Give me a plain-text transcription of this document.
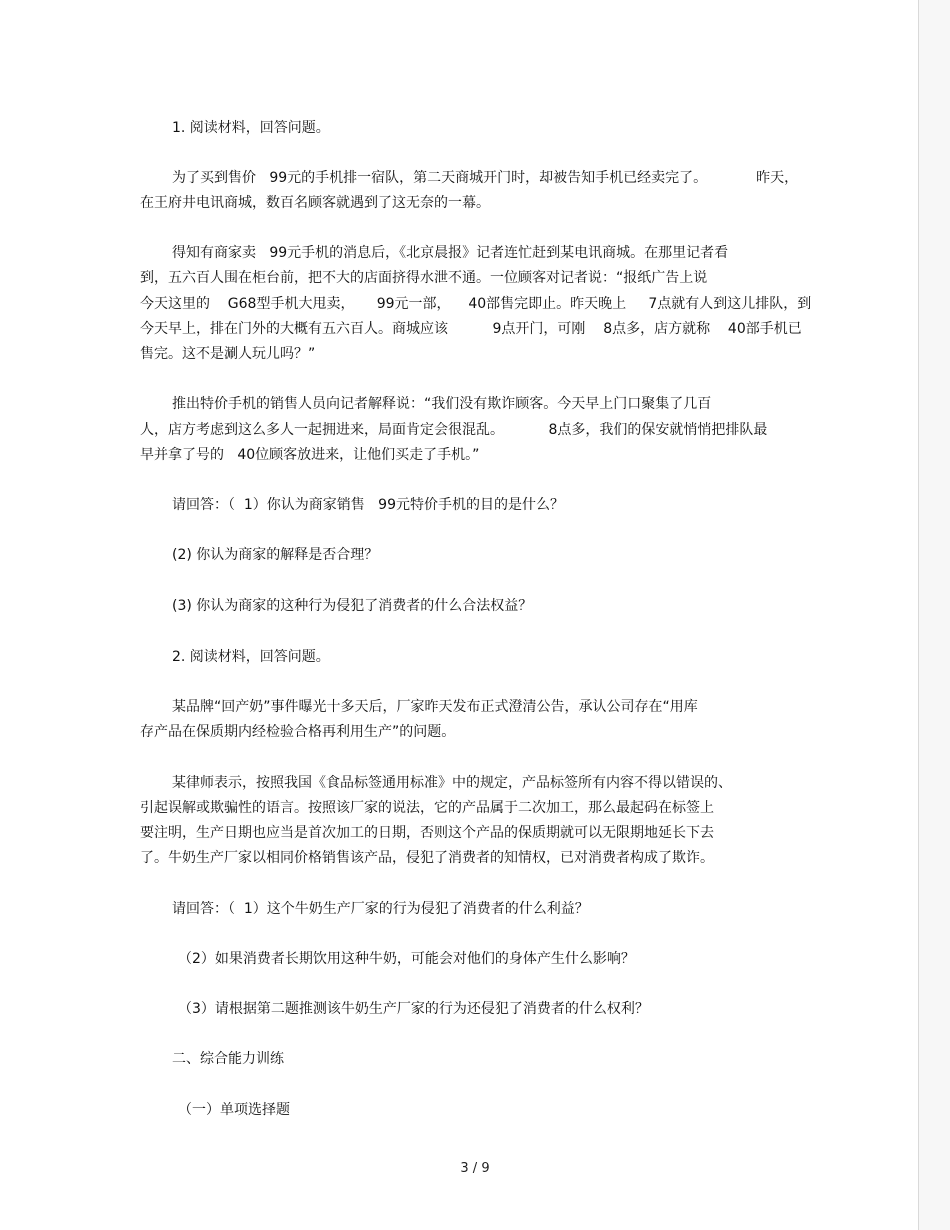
1. 阅读材料，回答问题。
为了买到售价   99元的手机排一宿队，第二天商城开门时，却被告知手机已经卖完了。           昨天，
在王府井电讯商城，数百名顾客就遇到了这无奈的一幕。
得知有商家卖   99元手机的消息后，《北京晨报》记者连忙赶到某电讯商城。在那里记者看
到，五六百人围在柜台前，把不大的店面挤得水泄不通。一位顾客对记者说：“报纸广告上说
今天这里的    G68型手机大甩卖，     99元一部，    40部售完即止。昨天晚上     7点就有人到这儿排队，到
今天早上，排在门外的大概有五六百人。商城应该          9点开门，可刚    8点多，店方就称    40部手机已
售完。这不是涮人玩儿吗？”
推出特价手机的销售人员向记者解释说：“我们没有欺诈顾客。今天早上门口聚集了几百
人，店方考虑到这么多人一起拥进来，局面肯定会很混乱。          8点多，我们的保安就悄悄把排队最
早并拿了号的   40位顾客放进来，让他们买走了手机。”
请回答：（  1）你认为商家销售   99元特价手机的目的是什么？
(2) 你认为商家的解释是否合理？
(3) 你认为商家的这种行为侵犯了消费者的什么合法权益？
2. 阅读材料，回答问题。
某品牌“回产奶”事件曝光十多天后，厂家昨天发布正式澄清公告，承认公司存在“用库
存产品在保质期内经检验合格再利用生产”的问题。
某律师表示，按照我国《食品标签通用标准》中的规定，产品标签所有内容不得以错误的、
引起误解或欺骗性的语言。按照该厂家的说法，它的产品属于二次加工，那么最起码在标签上
要注明，生产日期也应当是首次加工的日期，否则这个产品的保质期就可以无限期地延长下去
了。牛奶生产厂家以相同价格销售该产品，侵犯了消费者的知情权，已对消费者构成了欺诈。
请回答：（  1）这个牛奶生产厂家的行为侵犯了消费者的什么利益？
（2）如果消费者长期饮用这种牛奶，可能会对他们的身体产生什么影响？
（3）请根据第二题推测该牛奶生产厂家的行为还侵犯了消费者的什么权利？
二、综合能力训练
（一）单项选择题
3 / 9
